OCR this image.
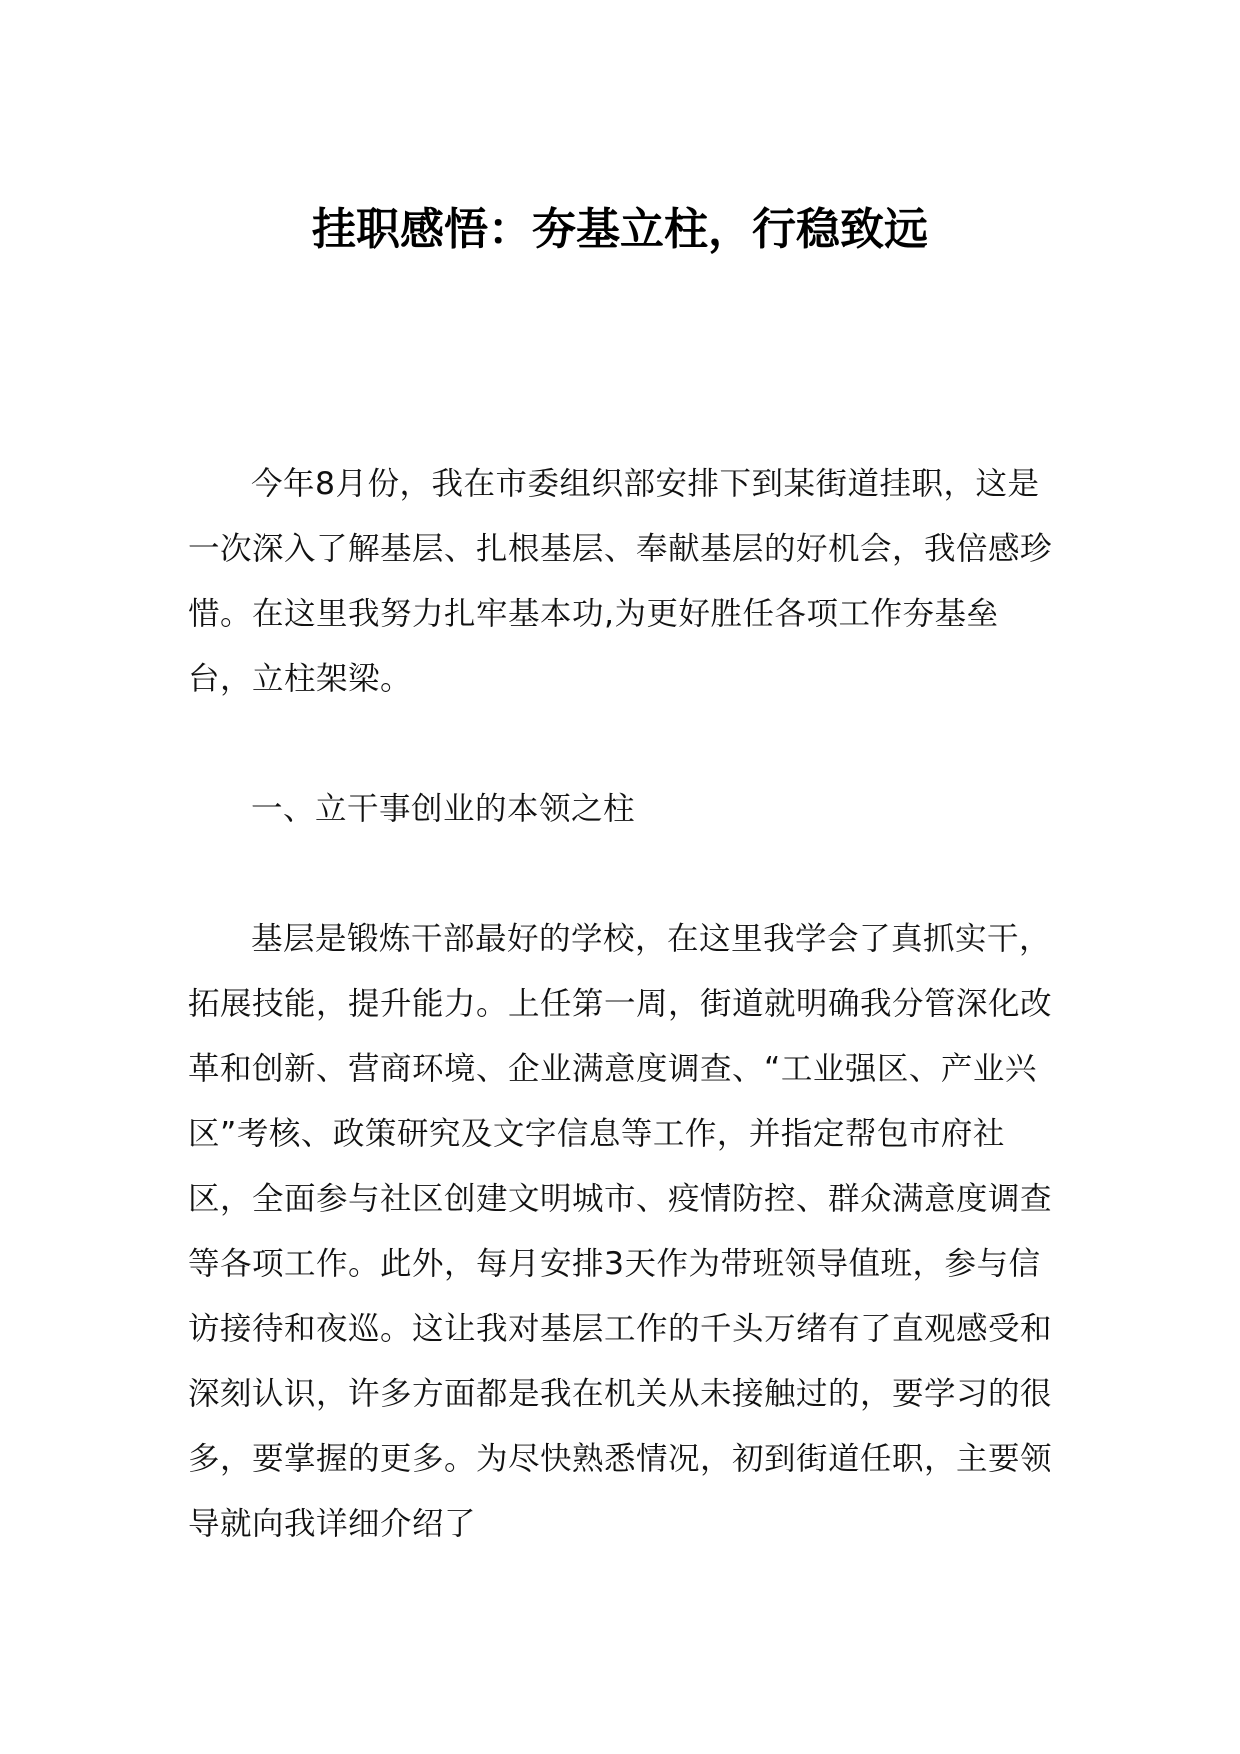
挂职感悟：夯基立柱，行稳致远

今年8月份，我在市委组织部安排下到某街道挂职，这是一次深入了解基层、扎根基层、奉献基层的好机会，我倍感珍惜。在这里我努力扎牢基本功,为更好胜任各项工作夯基垒台，立柱架梁。

一、立干事创业的本领之柱

基层是锻炼干部最好的学校，在这里我学会了真抓实干，拓展技能，提升能力。上任第一周，街道就明确我分管深化改革和创新、营商环境、企业满意度调查、“工业强区、产业兴区”考核、政策研究及文字信息等工作，并指定帮包市府社区，全面参与社区创建文明城市、疫情防控、群众满意度调查等各项工作。此外，每月安排3天作为带班领导值班，参与信访接待和夜巡。这让我对基层工作的千头万绪有了直观感受和深刻认识，许多方面都是我在机关从未接触过的，要学习的很多，要掌握的更多。为尽快熟悉情况，初到街道任职，主要领导就向我详细介绍了
